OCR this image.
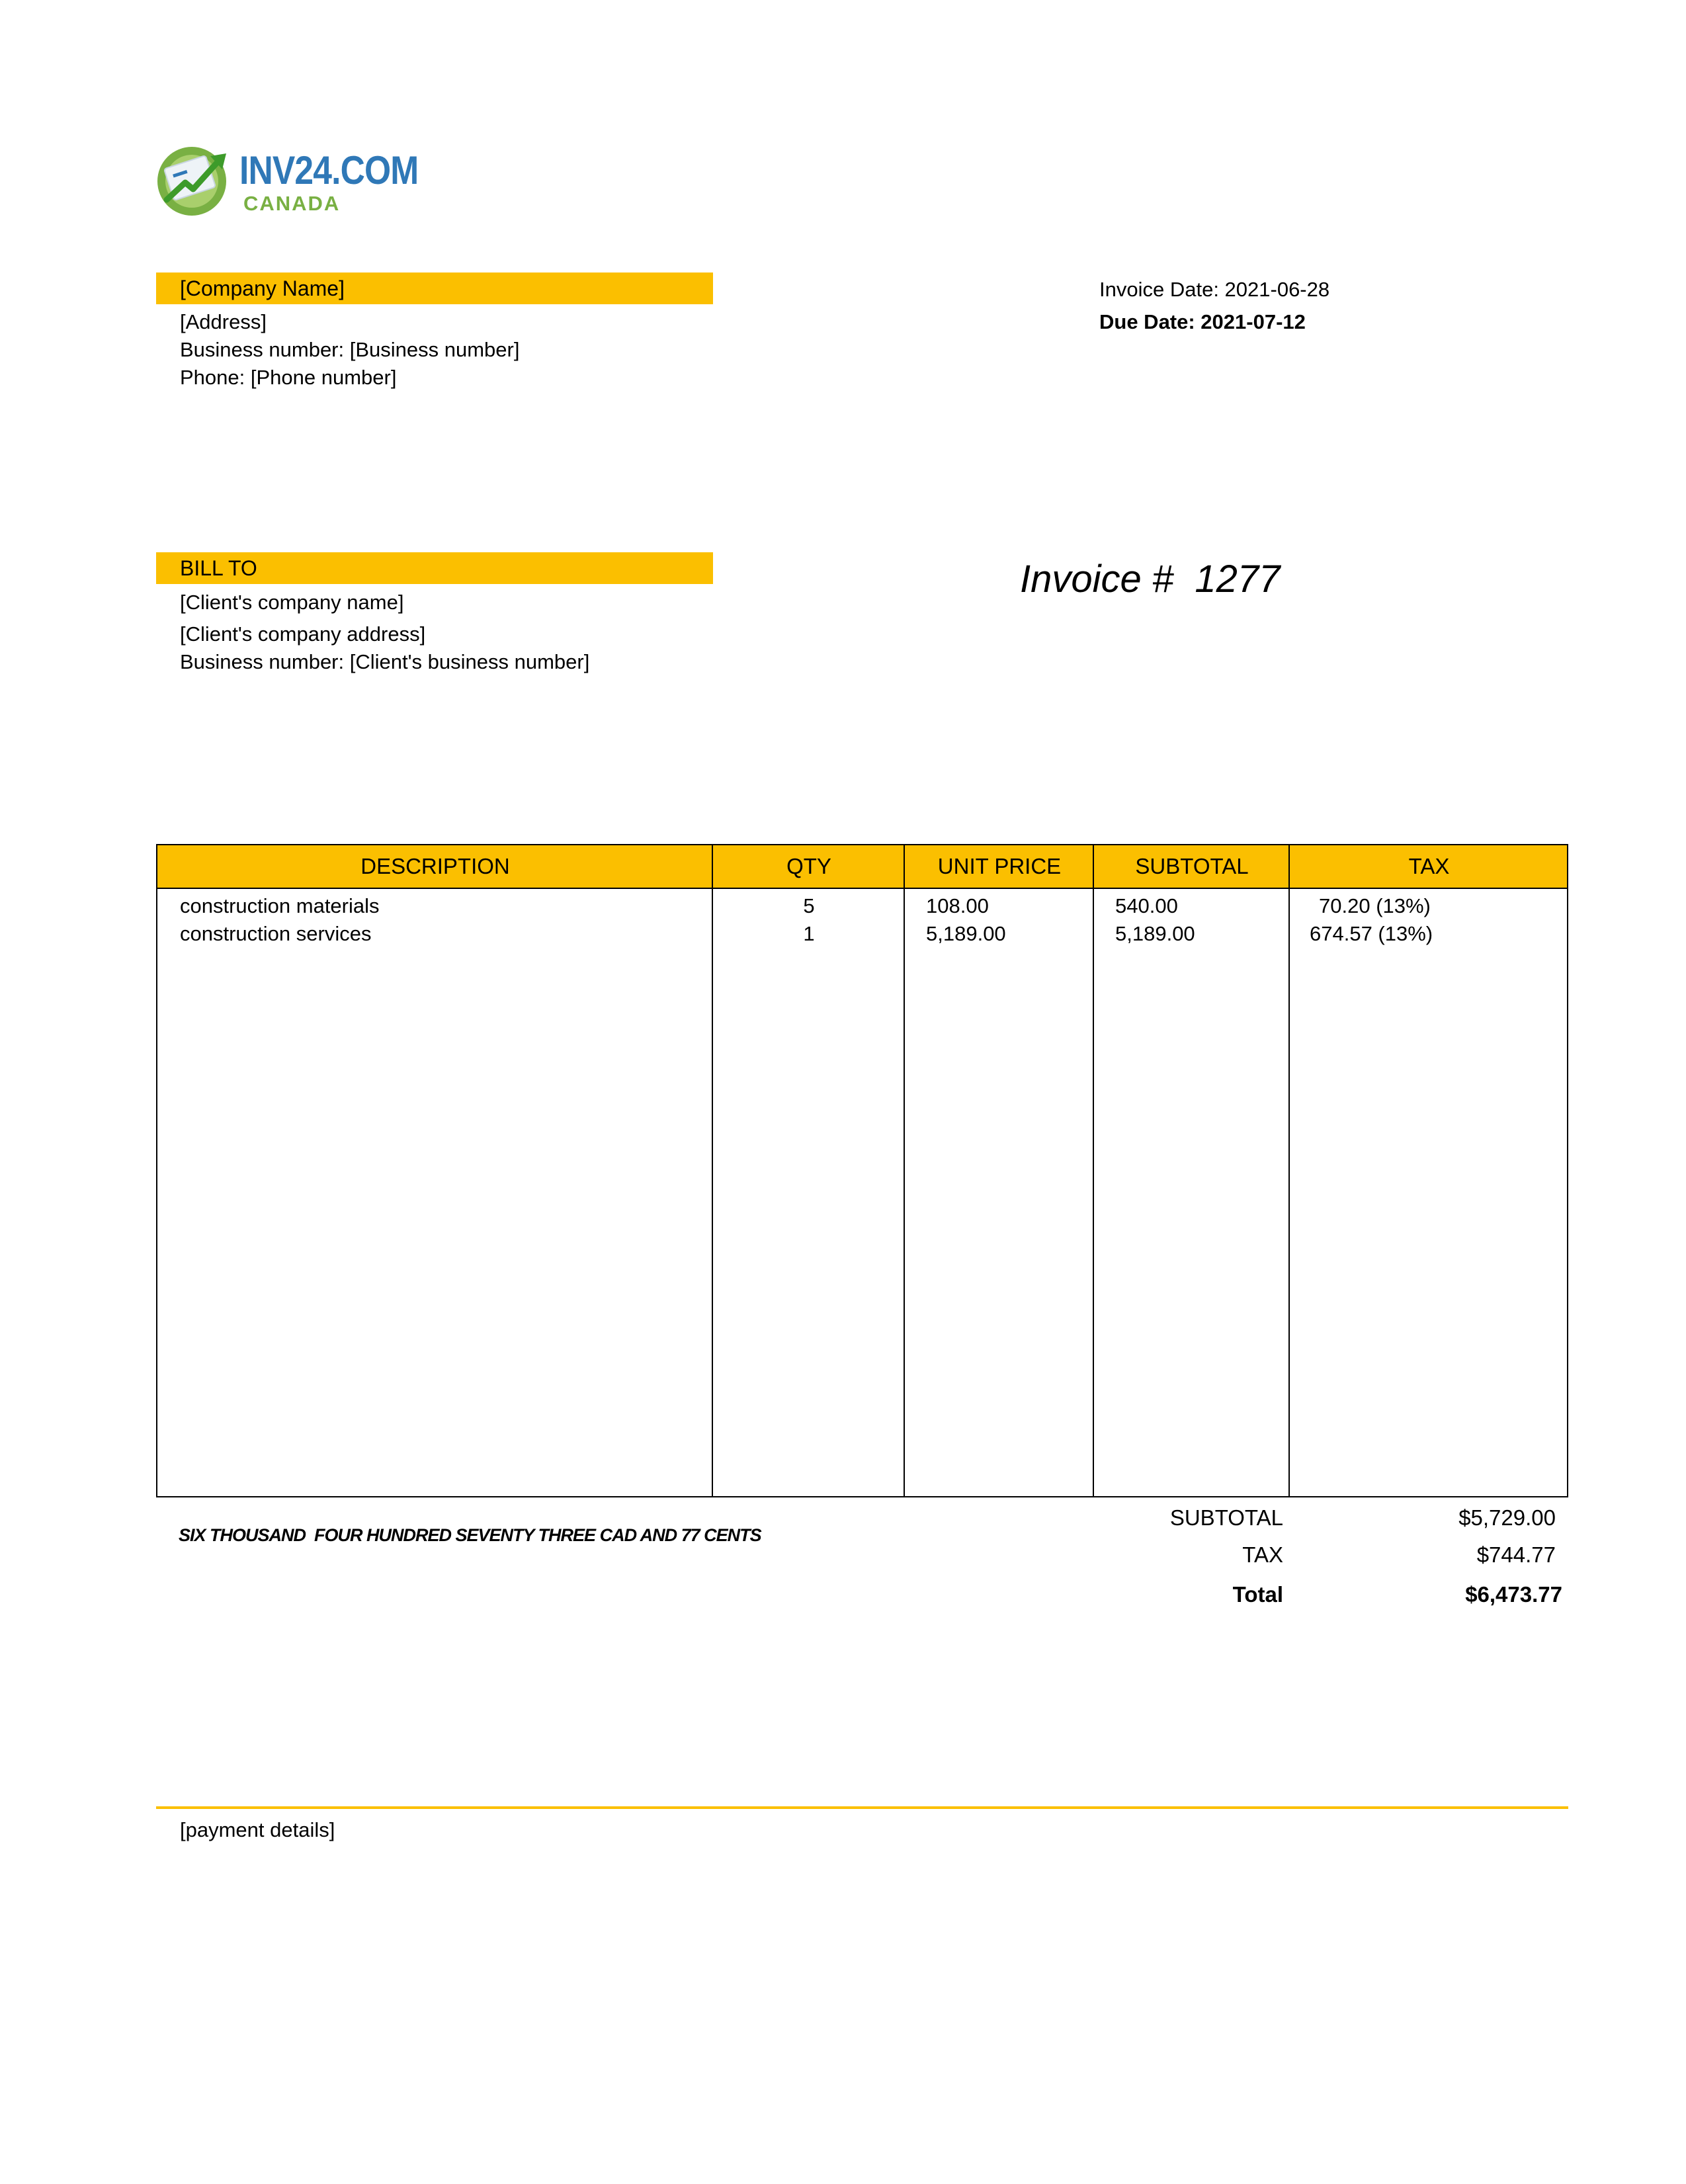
INV24.COM
CANADA
[Company Name]
[Address]
Business number: [Business number]
Phone: [Phone number]
Invoice Date: 2021-06-28
Due Date: 2021-07-12
BILL TO
[Client's company name]
[Client's company address]
Business number: [Client's business number]
Invoice #  1277
DESCRIPTION	QTY	UNIT PRICE	SUBTOTAL	TAX
construction materials	5	108.00	540.00	70.20 (13%)
construction services	1	5,189.00	5,189.00	674.57 (13%)
SIX THOUSAND  FOUR HUNDRED SEVENTY THREE CAD AND 77 CENTS
SUBTOTAL	$5,729.00
TAX	$744.77
Total	$6,473.77
[payment details]
